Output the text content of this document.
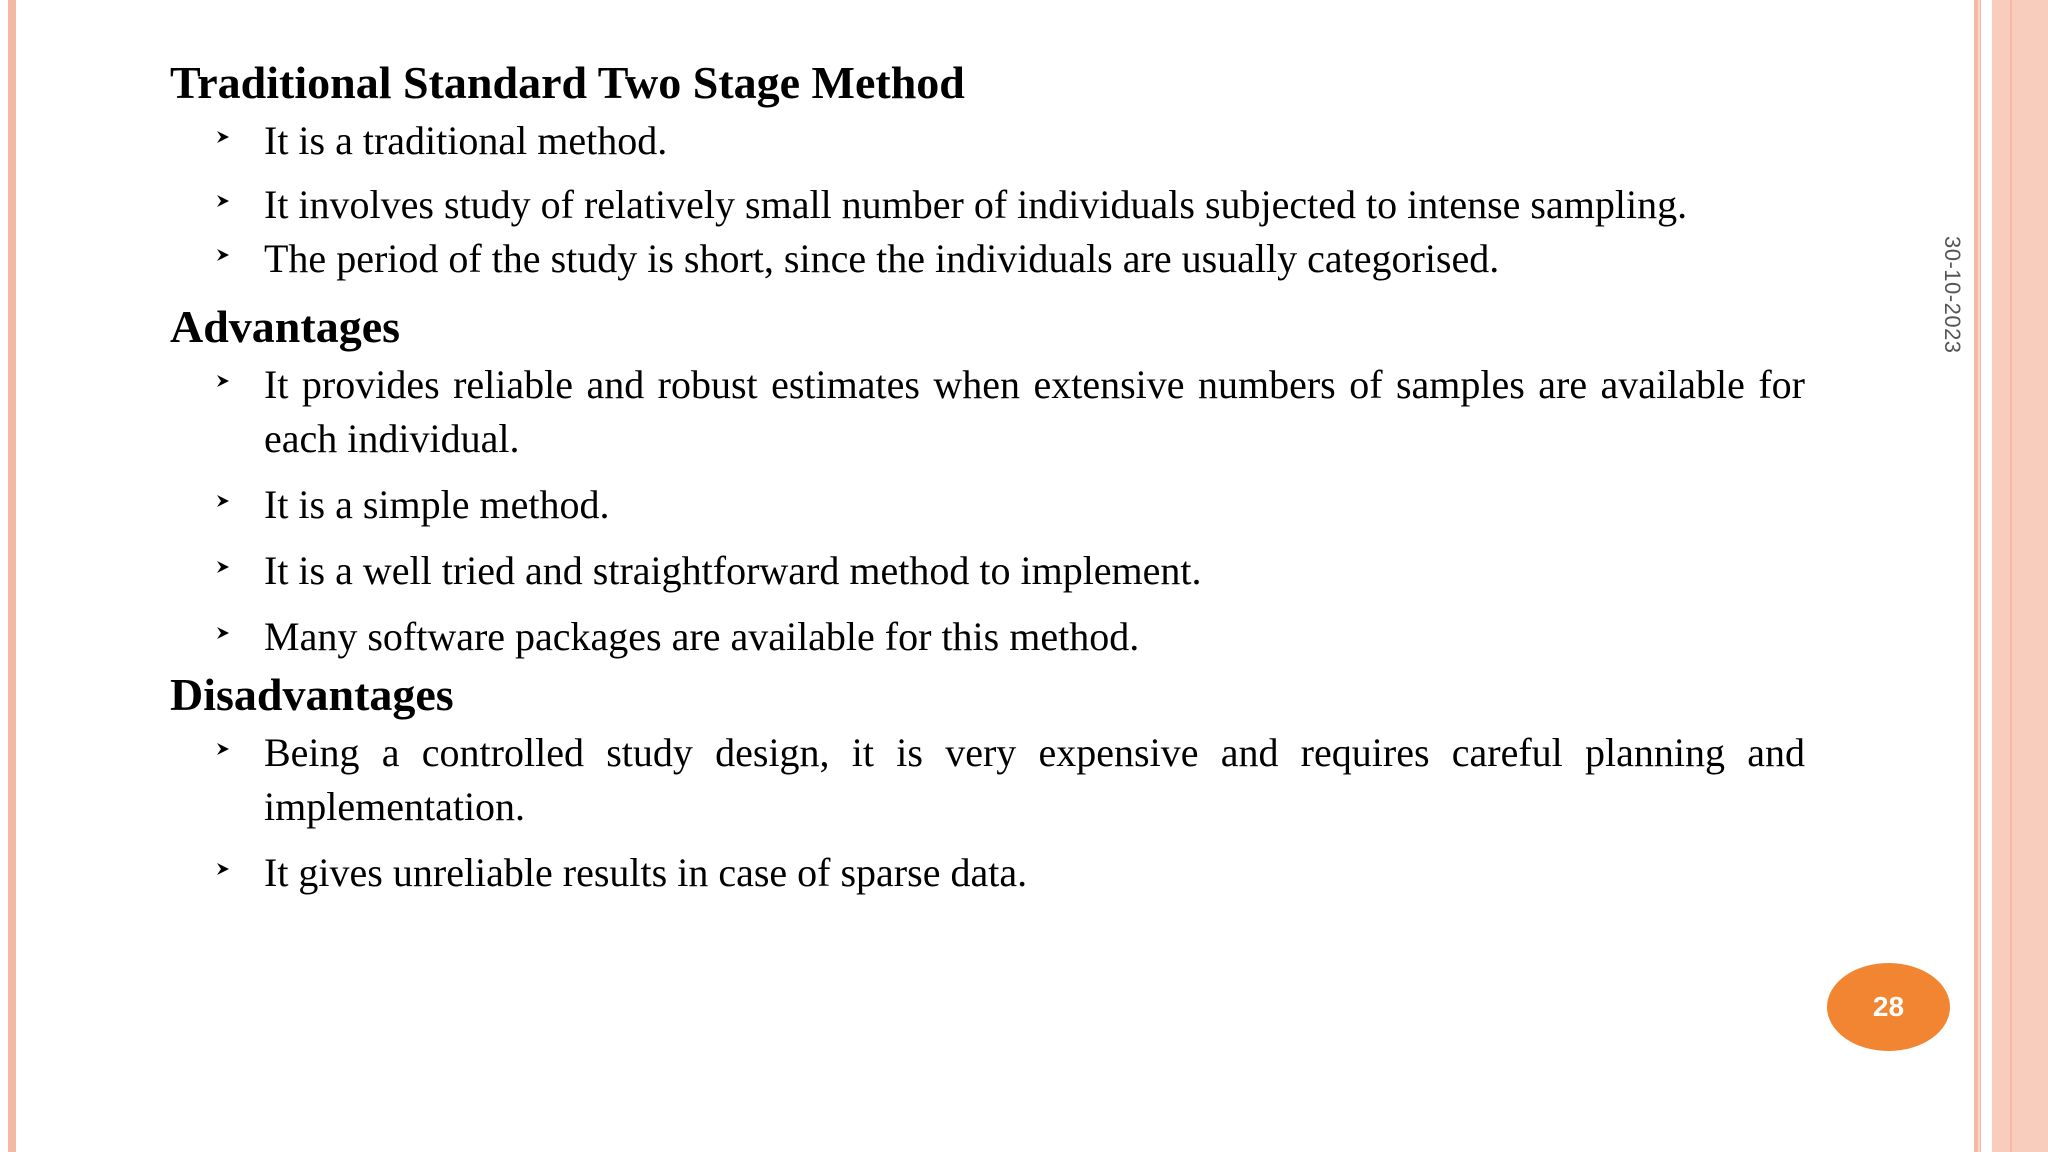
30-10-2023
28
Traditional Standard Two Stage Method
It is a traditional method.
It involves study of relatively small number of individuals subjected to intense sampling.
The period of the study is short, since the individuals are usually categorised.
Advantages
It provides reliable and robust estimates when extensive numbers of samples are available for each individual.
It is a simple method.
It is a well tried and straightforward method to implement.
Many software packages are available for this method.
Disadvantages
Being a controlled study design, it is very expensive and requires careful planning and implementation.
It gives unreliable results in case of sparse data.
